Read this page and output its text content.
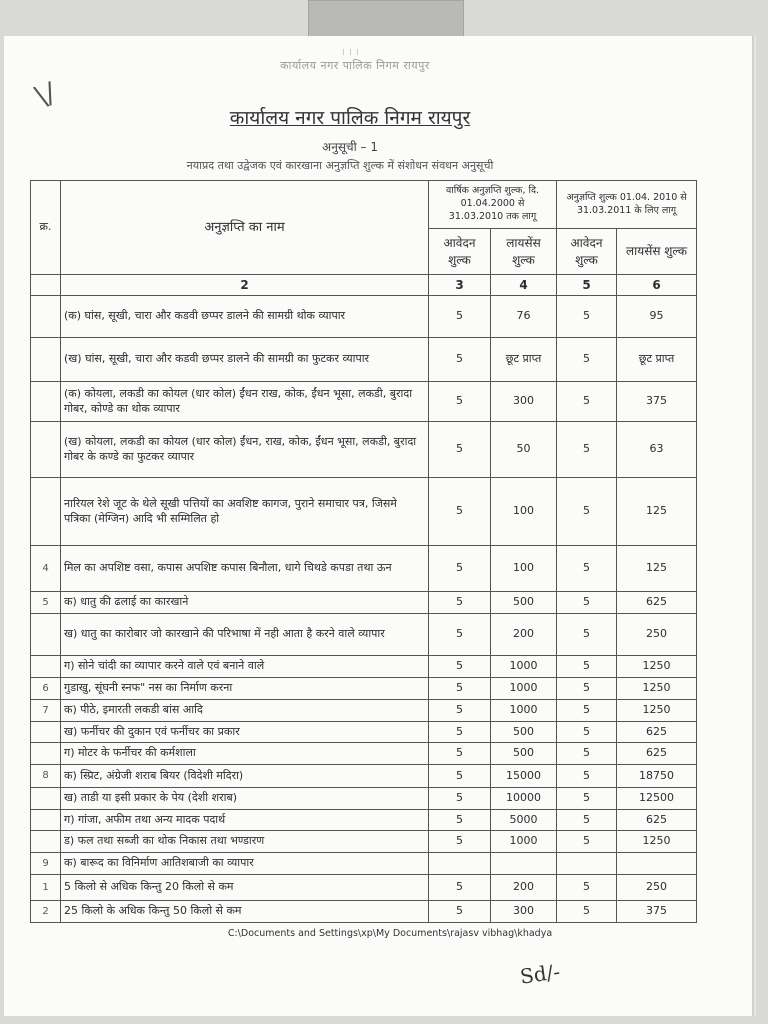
। । ।
कार्यालय नगर पालिक निगम रायपुर
\/
कार्यालय नगर पालिक निगम रायपुर
अनुसूची – 1
नयाप्रद तथा उद्वेजक एवं कारखाना अनुज्ञप्ति शुल्क में संशोधन संवधन अनुसूची
क्र.	अनुज्ञप्ति का नाम	वार्षिक अनुज्ञप्ति शुल्क, दि. 01.04.2000 से 31.03.2010 तक लागू		अनुज्ञप्ति शुल्क 01.04. 2010 से 31.03.2011 के लिए लागू	
		आवेदन शुल्क	लायसेंस शुल्क	आवेदन शुल्क	लायसेंस शुल्क
	2	3	4	5	6
	(क) घांस, सूखी, चारा और कडवी छप्पर डालने की सामग्री थोक व्यापार	5	76	5	95
	(ख) घांस, सूखी, चारा और कडवी छप्पर डालने की सामग्री का फुटकर व्यापार	5	छूट प्राप्त	5	छूट प्राप्त
	(क) कोयला, लकडी का कोयल (धार कोल) ईंधन राख, कोक, ईंधन भूसा, लकडी, बुरादा गोबर, कोण्डे का थोक व्यापार	5	300	5	375
	(ख) कोयला, लकडी का कोयल (धार कोल) ईंधन, राख, कोक, ईंधन भूसा, लकडी, बुरादा गोबर के कण्डे का फुटकर व्यापार	5	50	5	63
	नारियल रेशे जूट के थेले सूखी पत्तियों का अवशिष्ट कागज, पुराने समाचार पत्र, जिसमे पत्रिका (मेग्जिन) आदि भी सम्मिलित हो	5	100	5	125
4	मिल का अपशिष्ट वसा, कपास अपशिष्ट कपास बिनौला, धागे चिथडे कपडा तथा ऊन	5	100	5	125
5	क) धातु की ढलाई का कारखाने	5	500	5	625
	ख) धातु का कारोबार जो कारखाने की परिभाषा में नही आता है करने वाले व्यापार	5	200	5	250
	ग) सोने चांदी का व्यापार करने वाले एवं बनाने वाले	5	1000	5	1250
6	गुडाखु, सूंघनी स्नफ" नस का निर्माण करना	5	1000	5	1250
7	क) पीठे, इमारती लकडी बांस आदि	5	1000	5	1250
	ख) फर्नीचर की दुकान एवं फर्नीचर का प्रकार	5	500	5	625
	ग) मोटर के फर्नीचर की कर्मशाला	5	500	5	625
8	क) स्प्रिट, अंग्रेजी शराब बियर (विदेशी मदिरा)	5	15000	5	18750
	ख) ताडी या इसी प्रकार के पेय (देशी शराब)	5	10000	5	12500
	ग) गांजा, अफीम तथा अन्य मादक पदार्थ	5	5000	5	625
	ड) फल तथा सब्जी का थोक निकास तथा भण्डारण	5	1000	5	1250
9	क) बारूद का विनिर्माण आतिशबाजी का व्यापार				
1	5 किलो से अधिक किन्तु 20 किलो से कम	5	200	5	250
2	25 किलो के अधिक किन्तु 50 किलो से कम	5	300	5	375
C:\Documents and Settings\xp\My Documents\rajasv vibhag\khadya
Sd/-
